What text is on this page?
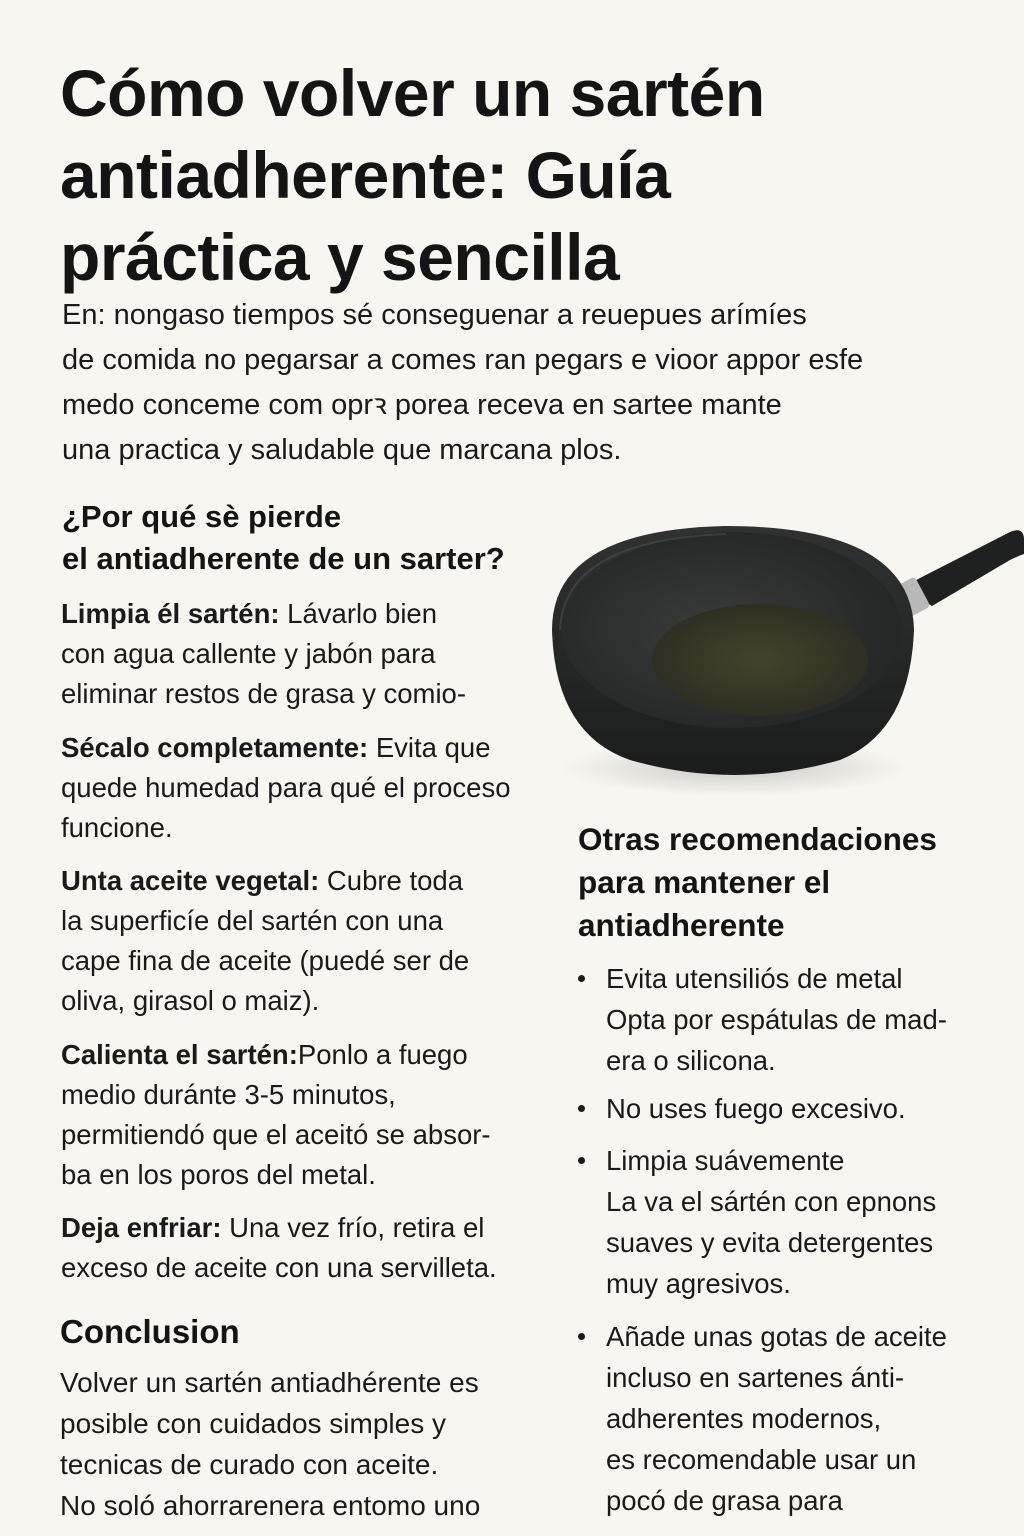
Cómo volver un sartén
antiadherente: Guía
práctica y sencilla
En: nongaso tiempos sé conseguenar a reuepues arímíes
de comida no pegarsar a comes ran pegars e vioor appor esfe
medo conceme com oprꝛ porea receva en sartee mante
una practica y saludable que marcana plos.
¿Por qué sè pierde
el antiadherente de un sarter?
Limpia él sartén: Lávarlo bien
con agua callente y jabón para
eliminar restos de grasa y comio-
Sécalo completamente: Evita que
quede humedad para qué el proceso
funcione.
Unta aceite vegetal: Cubre toda
la superficíe del sartén con una
cape fina de aceite (puedé ser de
oliva, girasol o maiz).
Calienta el sartén:Ponlo a fuego
medio duránte 3-5 minutos,
permitiendó que el aceitó se absor-
ba en los poros del metal.
Deja enfriar: Una vez frío, retira el
exceso de aceite con una servilleta.
Conclusion
Volver un sartén antiadhérente es
posible con cuidados simples y
tecnicas de curado con aceite.
No soló ahorrarenera entomo uno
Otras recomendaciones
para mantener el
antiadherente
Evita utensiliós de metal
Opta por espátulas de mad-
era o silicona.
No uses fuego excesivo.
Limpia suávemente
La va el sártén con epnons
suaves y evita detergentes
muy agresivos.
Añade unas gotas de aceite
incluso en sartenes ánti-
adherentes modernos,
es recomendable usar un
pocó de grasa para
